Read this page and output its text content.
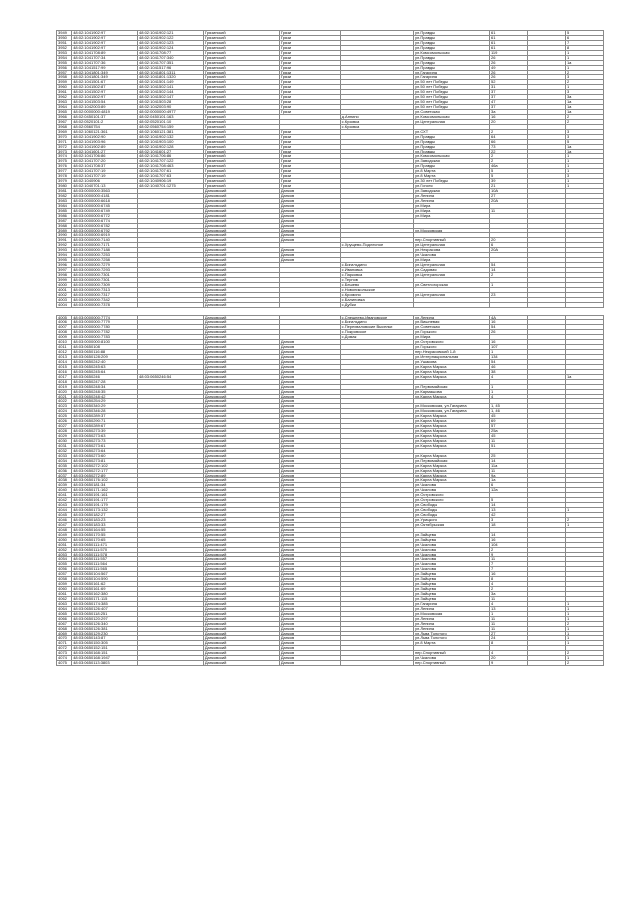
3949	48:02:1041902:97	48:02:1041902:121	Грязинский	Грязи		ул.Правды	61		5
3950	48:02:1041902:97	48:02:1041902:122	Грязинский	Грязи		ул.Правды	61		6
3951	48:02:1041902:97	48:02:1041902:123	Грязинский	Грязи		ул.Правды	61		7
3952	48:02:1041902:97	48:02:1041902:124	Грязинский	Грязи		ул.Правды	61		8
3953	48:02:1041708:89	48:02:1041708:77	Грязинский	Грязи		ул.Комсомольская	119		1
3954	48:02:1041707:34	48:02:1041707:340	Грязинский	Грязи		ул.Правды	26		1
3955	48:02:1041707:36	48:02:1041707:351	Грязинский	Грязи		ул.Правды	26		1а
3956	48:02:1041517:99	48:02:1041517:96	Грязинский	Грязи		ул.Правды	49		1
3957	48:02:1041801:349	48:02:1041801:1311	Грязинский	Грязи		ул.Гагарина	26		2
3958	48:02:1041801:349	48:02:1041801:1320	Грязинский	Грязи		ул.Гагарина	26		3
3959	48:02:1041501:67	48:02:1041501:149	Грязинский	Грязи		ул.50 лет Победы	52		2
3960	48:02:1041502:87	48:02:1041502:141	Грязинский	Грязи		ул.50 лет Победы	31		1
3961	48:02:1041502:97	48:02:1041502:144	Грязинский	Грязи		ул.50 лет Победы	37		3
3962	48:02:1041502:97	48:02:1041502:147	Грязинский	Грязи		ул.50 лет Победы	37		3а
3963	48:02:1041503:54	48:02:1041503:28	Грязинский	Грязи		ул.50 лет Победы	47		1а
3964	48:02:1042003:89	48:02:1042003:90	Грязинский	Грязи		ул.50 лет Победы	37		1а
3965	48:02:0000000:4819	48:02:0000000:4977	Грязинский	Грязи		ул.Советская	3а		1а
3966	48:02:0450101:37	48:02:0450101:163	Грязинский		д.Аннино	ул.Комсомольская	16		2
3967	48:02:0520101:2	48:02:0520101:10	Грязинский		с.Кузовка	ул.Центральная	20		2
3968	48:02:0560754	48:02:0560754:159	Грязинский		с.Кузовка				
3969	48:02:1060121:361	48:02:1060121:381	Грязинский	Грязи		ул.СХТ	2		3
3970	48:02:1041902:90	48:02:1041902:132	Грязинский	Грязи		ул.Правды	64		3
3971	48:02:1041903:96	48:02:1041903:100	Грязинский	Грязи		ул.Правды	66		5
3972	48:02:1041902:89	48:02:1041902:128	Грязинский	Грязи		ул.Правды	73		1а
3973	48:02:1041601:27	48:02:1041601:27	Грязинский	Грязи		ул.Правды	22		1а
3974	48:02:1041706:86	48:02:1041706:86	Грязинский	Грязи		ул.Комсомольская	2		1
3975	48:02:1041707:20	48:02:1041707:122	Грязинский	Грязи		ул.Заводская	2		1
3976	48:02:1041708:37	48:02:1041708:463	Грязинский	Грязи		ул.Правды	46а		1
3977	48:02:1041707:19	48:02:1041707:61	Грязинский	Грязи		ул.8 Марта	5		1
3978	48:02:1041707:19	48:02:1041707:63	Грязинский	Грязи		ул.8 Марта	5		3
3979	48:02:1040906	48:02:1040906:19	Грязинский	Грязи		ул.30 лет Победы	39		1
3980	48:02:1040701:13	48:02:1040701:1275	Грязинский	Грязи		ул.Гоголя	21		1
3981	48:03:0000000:3563		Данковский	Данков		ул.Заводская	10А		
3982	48:03:0000000:4181		Данковский	Данков		ул.Ленина	27		
3983	48:03:0000000:6618		Данковский	Данков		ул.Ленина	20А		
3984	48:03:0000000:6745		Данковский	Данков		ул.Мира			
3985	48:03:0000000:6749		Данковский	Данков		ул.Мира	11		
3986	48:03:0000000:6772		Данковский	Данков		ул.Мира			
3987	48:03:0000000:6774		Данковский	Данков					
3988	48:03:0000000:6782		Данковский	Данков					
3989	48:03:0000000:6792		Данковский	Данков		ул.Московская			
3990	48:03:0000000:6919		Данковский	Данков					
3991	48:03:0000000:7140		Данковский	Данков		пер.Спортивный	20		
3992	48:03:0000000:7171		Данковский		с.Хрущево-Подлесное	ул.Центральная	6		
3993	48:03:0000000:7188		Данковский	Данков		ул.Некрасова	20А		
3994	48:03:0000000:7253		Данковский	Данков		ул.Чкалова			
3995	48:03:0000000:7258		Данковский	Данков		ул.Мира			
3996	48:03:0000000:7279		Данковский		с.Бигильдино	ул.Центральная	54		
3997	48:03:0000000:7293		Данковский		с.Ивановка	ул.Садовая	14		
3998	48:03:0000000:7301		Данковский		с.Парковка	ул.Центральная	2		
3999	48:03:0000000:7301		Данковский		с.Тернов				
4000	48:03:0000000:7309		Данковский		с.Бешево	ул.Светлогорская	1		
4001	48:03:0000000:7313		Данковский		с.Новоникольское				
4002	48:03:0000000:7317		Данковский		с.Кромино	ул.Центральная	23		
4003	48:03:0000000:7342		Данковский		с.Балиновка				
4004	48:03:0000000:7378		Данковский		с.Дубки				

4005	48:03:0000000:7774		Данковский		с.Спешнево-Ивановское	ул.Ленина	4А		
4006	48:03:0000000:7779		Данковский		с.Бигильдино	ул.Вишневая	16		
4007	48:03:0000000:7780		Данковский		с.Перехваловские Выселки	ул.Советская	54		
4008	48:03:0000000:7782		Данковский		с.Покровское	ул.Горького	26		
4009	48:03:0000000:7783		Данковский		с.Домак	ул.Мира			
4010	48:03:0000000:8100		Данковский	Данков		ул.Островского	16		
4011	48:03:0650108		Данковский	Данков		ул.Горького	107		
4012	48:03:0650116:88		Данковский	Данков		пер.Некрасовский 1-й	1		
4013	48:03:0650128:209		Данковский	Данков		ул.Интернациональная	134		
4014	48:03:0650242:40		Данковский	Данков		ул.Ушакова	54		
4015	48:03:0650245:63		Данковский	Данков		ул.Карла Маркса	46		
4016	48:03:0650245:64		Данковский	Данков		ул.Карла Маркса	38		
4017	48:03:0650246	48:03:0650246:54	Данковский	Данков		ул.Карла Маркса	4		1а
4018	48:03:0650247:28		Данковский	Данков					
4019	48:03:0650248:34		Данковский	Данков		ул.Первомайская	1		
4020	48:03:0650248:35		Данковский	Данков		ул.Кармашова	1		
4021	48:03:0650248:42		Данковский	Данков		ул.Карла Маркса	4		
4022	48:03:0650254:29		Данковский	Данков					
4023	48:03:0650340:29		Данковский	Данков		ул.Московская, ул.Гагарина	1, 45		
4024	48:03:0650346:28		Данковский	Данков		ул.Московская, ул.Гагарина	1, 46		
4025	48:03:0650289:37		Данковский	Данков		ул.Карла Маркса	45		
4026	48:03:0650290:71		Данковский	Данков		ул.Карла Маркса	69		
4027	48:03:0650289:67		Данковский	Данков		ул.Карла Маркса	57		
4028	48:03:0650273:39		Данковский	Данков		ул.Карла Маркса	25а		
4029	48:03:0650273:63		Данковский	Данков		ул.Карла Маркса	45		
4030	48:03:0650273:73		Данковский	Данков		ул.Карла Маркса	11		
4031	48:03:0650273:61		Данковский	Данков		ул.Карла Маркса	51		
4032	48:03:0650273:64		Данковский	Данков					
4033	48:03:0650273:60		Данковский	Данков		ул.Карла Маркса	25		
4034	48:03:0650273:81		Данковский	Данков		ул.Первомайская	14		
4035	48:03:0650272:102		Данковский	Данков		ул.Карла Маркса	11а		
4036	48:03:0650272:177		Данковский	Данков		ул.Карла Маркса	11		
4037	48:03:0650272:89		Данковский	Данков		ул.Карла Маркса	9а		
4038	48:03:0650176:102		Данковский	Данков		ул.Карла Маркса	1а		
4039	48:03:0650181:34		Данковский	Данков		ул.Чкалова	6		
4040	48:03:0650171:162		Данковский	Данков		ул.Чкалова	12а		
4041	48:03:0650191:161		Данковский	Данков		ул.Островского			
4042	48:03:0650191:177		Данковский	Данков		ул.Островского	5		
4043	48:03:0650191:179		Данковский	Данков		ул.Свободы	14		
4044	48:03:0650173:132		Данковский	Данков		ул.Свободы	13		1
4045	48:03:0650182:27		Данковский	Данков		ул.Свободы	42		
4046	48:03:0650183:23		Данковский	Данков		ул.Урицкого	3		2
4047	48:03:0650183:33		Данковский	Данков		ул.Октябрьская	18		1
4048	48:03:0650164:55		Данковский	Данков					
4049	48:03:0650170:55		Данковский	Данков		ул.Зайцева	14		
4050	48:03:0650170:65		Данковский	Данков		ул.Зайцева	16		
4051	48:03:0650111:471		Данковский	Данков		ул.Чкалова	104		
4052	48:03:0650111:570		Данковский	Данков		ул.Чкалова	2		
4053	48:03:0650111:578		Данковский	Данков		ул.Чкалова	9		
4054	48:03:0650111:557		Данковский	Данков		ул.Чкалова	11		
4055	48:03:0650111:564		Данковский	Данков		ул.Чкалова	7		
4056	48:03:0650111:565		Данковский	Данков		ул.Чкалова	7		
4057	48:03:0650104:567		Данковский	Данков		ул.Зайцева	16		
4058	48:03:0650104:590		Данковский	Данков		ул.Зайцева	8		
4059	48:03:0650161:62		Данковский	Данков		ул.Зайцева	4		
4060	48:03:0650161:69		Данковский	Данков		ул.Зайцева	2		
4061	48:03:0650162:380		Данковский	Данков		ул.Зайцева	3а		
4062	48:03:0650171:115		Данковский	Данков		ул.Зайцева	11		
4063	48:03:0650174:385		Данковский	Данков		ул.Гагарина	4		1
4064	48:03:0650126:407		Данковский	Данков		ул.Ленина	13		1
4065	48:03:0650118:251		Данковский	Данков		ул.Московская	1		1
4066	48:03:0650120:297		Данковский	Данков		ул.Ленина	11		1
4067	48:03:0650126:340		Данковский	Данков		ул.Ленина	11		2
4068	48:03:0650126:381		Данковский	Данков		ул.Ленина	11		1
4069	48:03:0650129:230		Данковский	Данков		ул.Льва Толстого	27		1
4070	48:03:0650143:87		Данковский	Данков		ул.Льва Толстого	24		1
4071	48:03:0650150:305		Данковский	Данков		ул.8 Марта	8		1
4072	48:03:0650152:151		Данковский	Данков					
4073	48:03:0650168:151		Данковский	Данков		пер.Спортивный	4		2
4074	48:03:0650168:1947		Данковский	Данков		ул.Чкалова	20		1
4075	48:03:0650113:3803		Данковский	Данков		пер.Спортивный	9		2
